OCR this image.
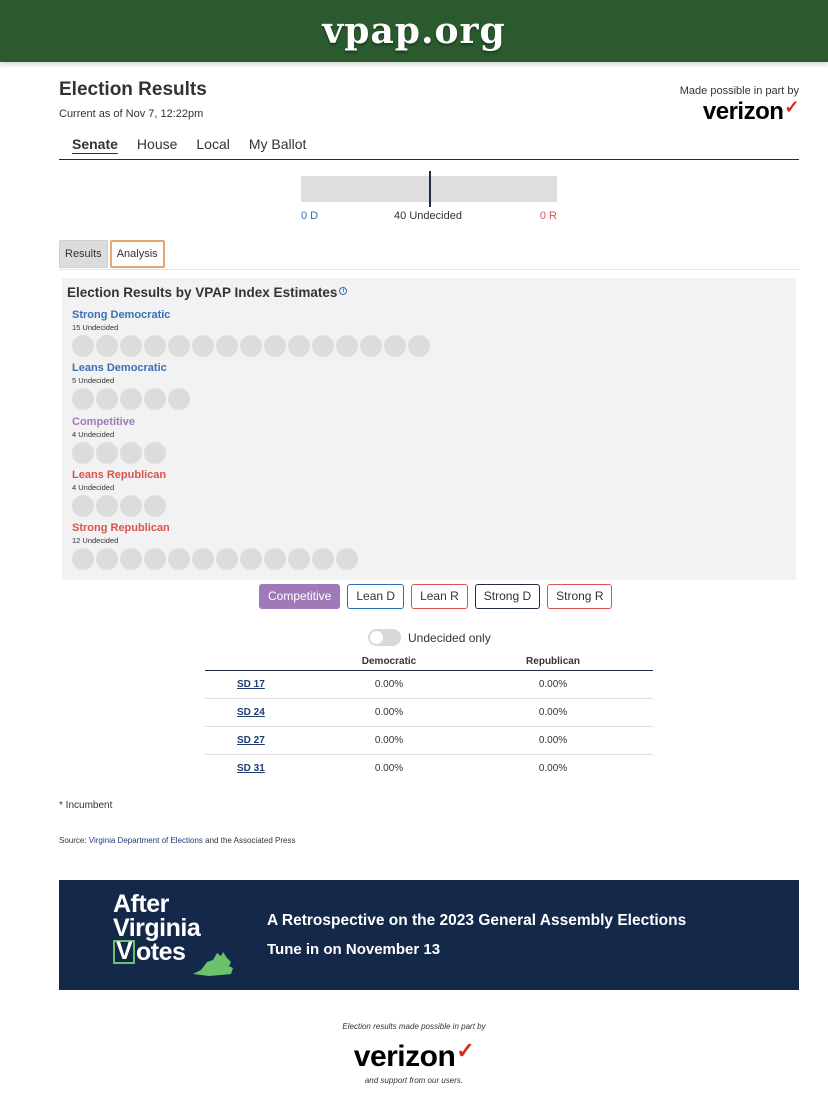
vpap.org
Election Results
Current as of Nov 7, 12:22pm
Made possible in part by
verizon ✓
Senate House Local My Ballot
0 D	40 Undecided	0 R
Results	Analysis
Election Results by VPAP Index Estimates i
Strong Democratic
15 Undecided
Leans Democratic
5 Undecided
Competitive
4 Undecided
Leans Republican
4 Undecided
Strong Republican
12 Undecided
Competitive	Lean D	Lean R	Strong D	Strong R
Undecided only
	Democratic	Republican
SD 17	0.00%	0.00%
SD 24	0.00%	0.00%
SD 27	0.00%	0.00%
SD 31	0.00%	0.00%
* Incumbent
Source: Virginia Department of Elections and the Associated Press
After
Virginia
V otes
A Retrospective on the 2023 General Assembly Elections
Tune in on November 13
Election results made possible in part by
verizon ✓
and support from our users.
